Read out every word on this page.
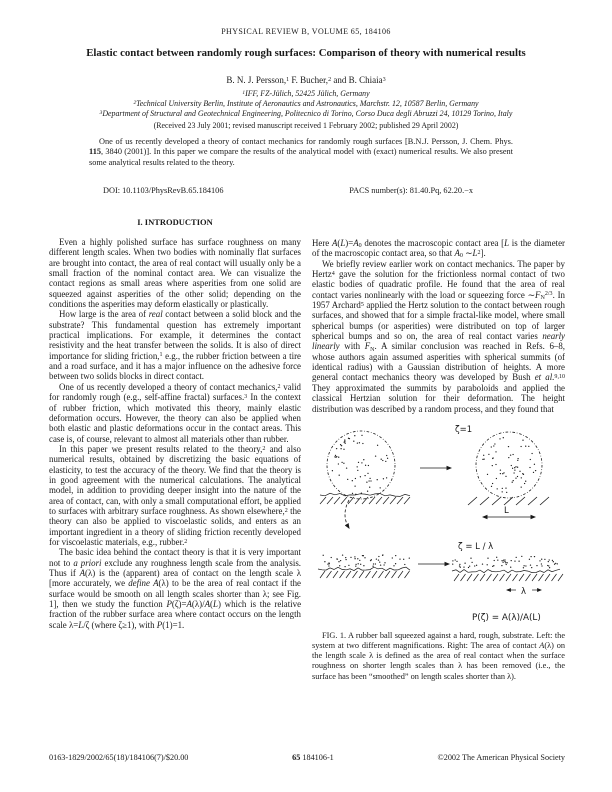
PHYSICAL REVIEW B, VOLUME 65, 184106
Elastic contact between randomly rough surfaces: Comparison of theory with numerical results
B. N. J. Persson,$^1$ F. Bucher,$^2$ and B. Chiaia$^3$
$^1$IFF, FZ-Jülich, 52425 Jülich, Germany
$^2$Technical University Berlin, Institute of Aeronautics and Astronautics, Marchstr. 12, 10587 Berlin, Germany
$^3$Department of Structural and Geotechnical Engineering, Politecnico di Torino, Corso Duca degli Abruzzi 24, 10129 Torino, Italy
(Received 23 July 2001; revised manuscript received 1 February 2002; published 29 April 2002)
One of us recently developed a theory of contact mechanics for randomly rough surfaces [B.N.J. Persson, J. Chem. Phys. 115, 3840 (2001)]. In this paper we compare the results of the analytical model with (exact) numerical results. We also present some analytical results related to the theory.
DOI: 10.1103/PhysRevB.65.184106	PACS number(s): 81.40.Pq, 62.20.−x
I. INTRODUCTION

Even a highly polished surface has surface roughness on many different length scales. When two bodies with nominally flat surfaces are brought into contact, the area of real contact will usually only be a small fraction of the nominal contact area. We can visualize the contact regions as small areas where asperities from one solid are squeezed against asperities of the other solid; depending on the conditions the asperities may deform elastically or plastically.

How large is the area of real contact between a solid block and the substrate? This fundamental question has extremely important practical implications. For example, it determines the contact resistivity and the heat transfer between the solids. It is also of direct importance for sliding friction,$^1$ e.g., the rubber friction between a tire and a road surface, and it has a major influence on the adhesive force between two solids blocks in direct contact.

One of us recently developed a theory of contact mechanics,$^2$ valid for randomly rough (e.g., self-affine fractal) surfaces.$^3$ In the context of rubber friction, which motivated this theory, mainly elastic deformation occurs. However, the theory can also be applied when both elastic and plastic deformations occur in the contact areas. This case is, of course, relevant to almost all materials other than rubber.

In this paper we present results related to the theory,$^2$ and also numerical results, obtained by discretizing the basic equations of elasticity, to test the accuracy of the theory. We find that the theory is in good agreement with the numerical calculations. The analytical model, in addition to providing deeper insight into the nature of the area of contact, can, with only a small computational effort, be applied to surfaces with arbitrary surface roughness. As shown elsewhere,$^2$ the theory can also be applied to viscoelastic solids, and enters as an important ingredient in a theory of sliding friction recently developed for viscoelastic materials, e.g., rubber.$^2$

The basic idea behind the contact theory is that it is very important not to a priori exclude any roughness length scale from the analysis. Thus if A(λ) is the (apparent) area of contact on the length scale λ [more accurately, we define A(λ) to be the area of real contact if the surface would be smooth on all length scales shorter than λ; see Fig. 1], then we study the function P(ζ)=A(λ)/A(L) which is the relative fraction of the rubber surface area where contact occurs on the length scale λ=L/ζ (where ζ≥1), with P(1)=1.

Here $A(L)=A_0$ denotes the macroscopic contact area [L is the diameter of the macroscopic contact area, so that $A_0$ $\sim L^2$].

We briefly review earlier work on contact mechanics. The paper by Hertz$^4$ gave the solution for the frictionless normal contact of two elastic bodies of quadratic profile. He found that the area of real contact varies nonlinearly with the load or squeezing force $\sim F_N^{2/3}$. In 1957 Archard$^5$ applied the Hertz solution to the contact between rough surfaces, and showed that for a simple fractal-like model, where small spherical bumps (or asperities) were distributed on top of larger spherical bumps and so on, the area of real contact varies nearly linearly with $F_N$. A similar conclusion was reached in Refs. 6–8, whose authors again assumed asperities with spherical summits (of identical radius) with a Gaussian distribution of heights. A more general contact mechanics theory was developed by Bush et al.$^{9,10}$ They approximated the summits by paraboloids and applied the classical Hertzian solution for their deformation. The height distribution was described by a random process, and they found that

ζ=1
L
ζ = L / λ
λ
P(ζ) = A(λ)/A(L)
FIG. 1. A rubber ball squeezed against a hard, rough, substrate. Left: the system at two different magnifications. Right: The area of contact A(λ) on the length scale λ is defined as the area of real contact when the surface roughness on shorter length scales than λ has been removed (i.e., the surface has been “smoothed” on length scales shorter than λ).
0163-1829/2002/65(18)/184106(7)/$20.00	65 184106-1	©2002 The American Physical Society
